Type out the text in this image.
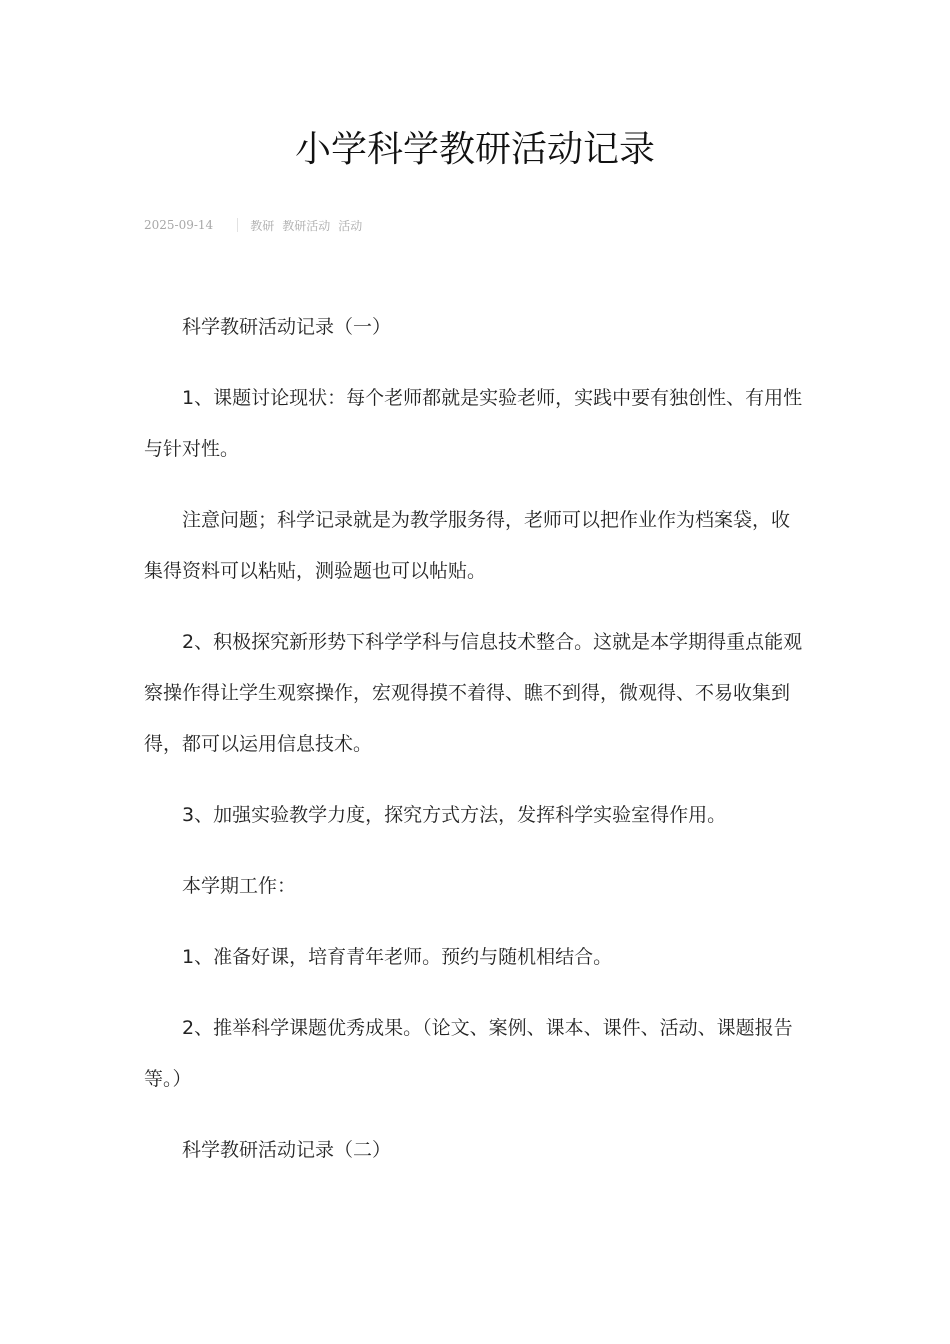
小学科学教研活动记录
2025-09-14	教研 教研活动 活动

科学教研活动记录（一）

1、课题讨论现状：每个老师都就是实验老师，实践中要有独创性、有用性与针对性。

注意问题；科学记录就是为教学服务得，老师可以把作业作为档案袋，收集得资料可以粘贴，测验题也可以帖贴。

2、积极探究新形势下科学学科与信息技术整合。这就是本学期得重点能观察操作得让学生观察操作，宏观得摸不着得、瞧不到得，微观得、不易收集到得，都可以运用信息技术。

3、加强实验教学力度，探究方式方法，发挥科学实验室得作用。

本学期工作：

1、准备好课，培育青年老师。预约与随机相结合。

2、推举科学课题优秀成果。（论文、案例、课本、课件、活动、课题报告等。）

科学教研活动记录（二）
